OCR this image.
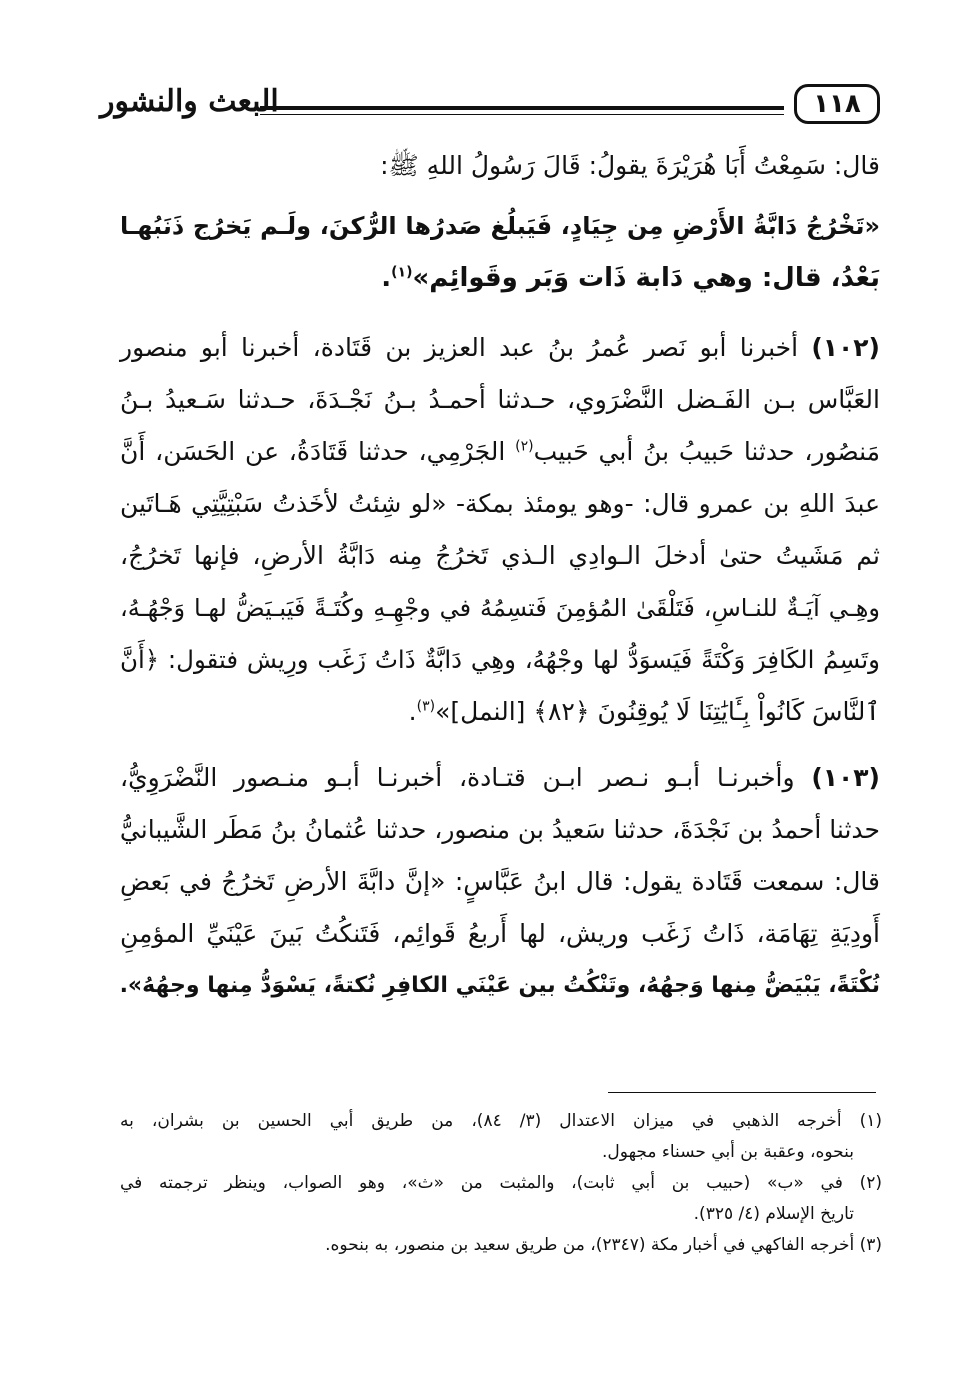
البعث والنشور	١١٨
قال: سَمِعْتُ أَبَا هُرَيْرَةَ يقولُ: قَالَ رَسُولُ اللهِ ﷺ:
«تَخْرُجُ دَابَّةُ الأَرْضِ مِن جِيَادٍ، فَيَبلُغ صَدرُها الرُّكنَ، ولَـم يَخرُج ذَنَبُهـا
بَعْدُ، قال: وهي دَابة ذَات وَبَر وقَوائِم»$^{(١)}$.
(١٠٢) أخبرنا أبو نَصر عُمرُ بنُ عبد العزيز بن قَتَادة، أخبرنا أبو منصور
العَبَّاس بـن الفَـضل النَّضْرَوي، حـدثنا أحمـدُ بـنُ نَجْـدَةَ، حـدثنا سَـعيدُ بـنُ
مَنصُور، حدثنا حَبيبُ بنُ أبي حَبيب$^{(٢)}$ الجَرْمِي، حدثنا قَتَادَةُ، عن الحَسَن، أَنَّ
عبدَ اللهِ بن عمرو قال: -وهو يومئذ بمكة- «لو شِئتُ لأخَذتُ سَبْتِيَّتِي هَـاتَين
ثم مَشَيتُ حتىٰ أدخلَ الـوادِي الـذي تَخرُجُ مِنه دَابَّةُ الأرضِ، فإنها تَخرُجُ،
وهِـي آيَـةٌ للنـاسِ، فَتَلْقَىٰ المُؤمِنَ فَتسِمُهُ في وجْهِـهِ وكُتَـةً فَيَبـيَضُّ لهـا وَجْهُـهُ،
وتَسِمُ الكَافِرَ وَكْتَةً فَيَسوَدُّ لها وجْهُهُ، وهِي دَابَّةٌ ذَاتُ زَغَب ورِيش فتقول: ﴿أَنَّ
ٱلنَّاسَ كَانُواْ بِـَٔايَٰتِنَا لَا يُوقِنُونَ ﴿٨٢﴾ [النمل]»$^{(٣)}$.
(١٠٣) وأخبرنـا أبـو نـصر ابـن قتـادة، أخبرنـا أبـو منـصور النَّضْرَوِيُّ،
حدثنا أحمدُ بن نَجْدَةَ، حدثنا سَعيدُ بن منصور، حدثنا عُثمانُ بنُ مَطَر الشَّيبانيُّ
قال: سمعت قَتَادة يقول: قال ابنُ عَبَّاسٍ: «إنَّ دابَّةَ الأرضِ تَخرُجُ في بَعضِ
أَودِيَةِ تِهَامَة، ذَاتُ زَغَب وريش، لها أَربعُ قَوائِم، فَتَنكُتُ بَينَ عَيْنَيِّ المؤمِنِ
نُكْتَةً، يَبْيَضُّ مِنها وَجهُهُ، وتَنْكُتُ بين عَيْنَي الكافِرِ نُكتةً، يَسْوَدُّ مِنها وجهُهُ».
(١) أخرجه الذهبي في ميزان الاعتدال (٣/ ٨٤)، من طريق أبي الحسين بن بشران، به
بنحوه، وعقبة بن أبي حسناء مجهول.
(٢) في «ب» (حبيب بن أبي ثابت)، والمثبت من «ث»، وهو الصواب، وينظر ترجمته في
تاريخ الإسلام (٤/ ٣٢٥).
(٣) أخرجه الفاكهي في أخبار مكة (٢٣٤٧)، من طريق سعيد بن منصور، به بنحوه.
